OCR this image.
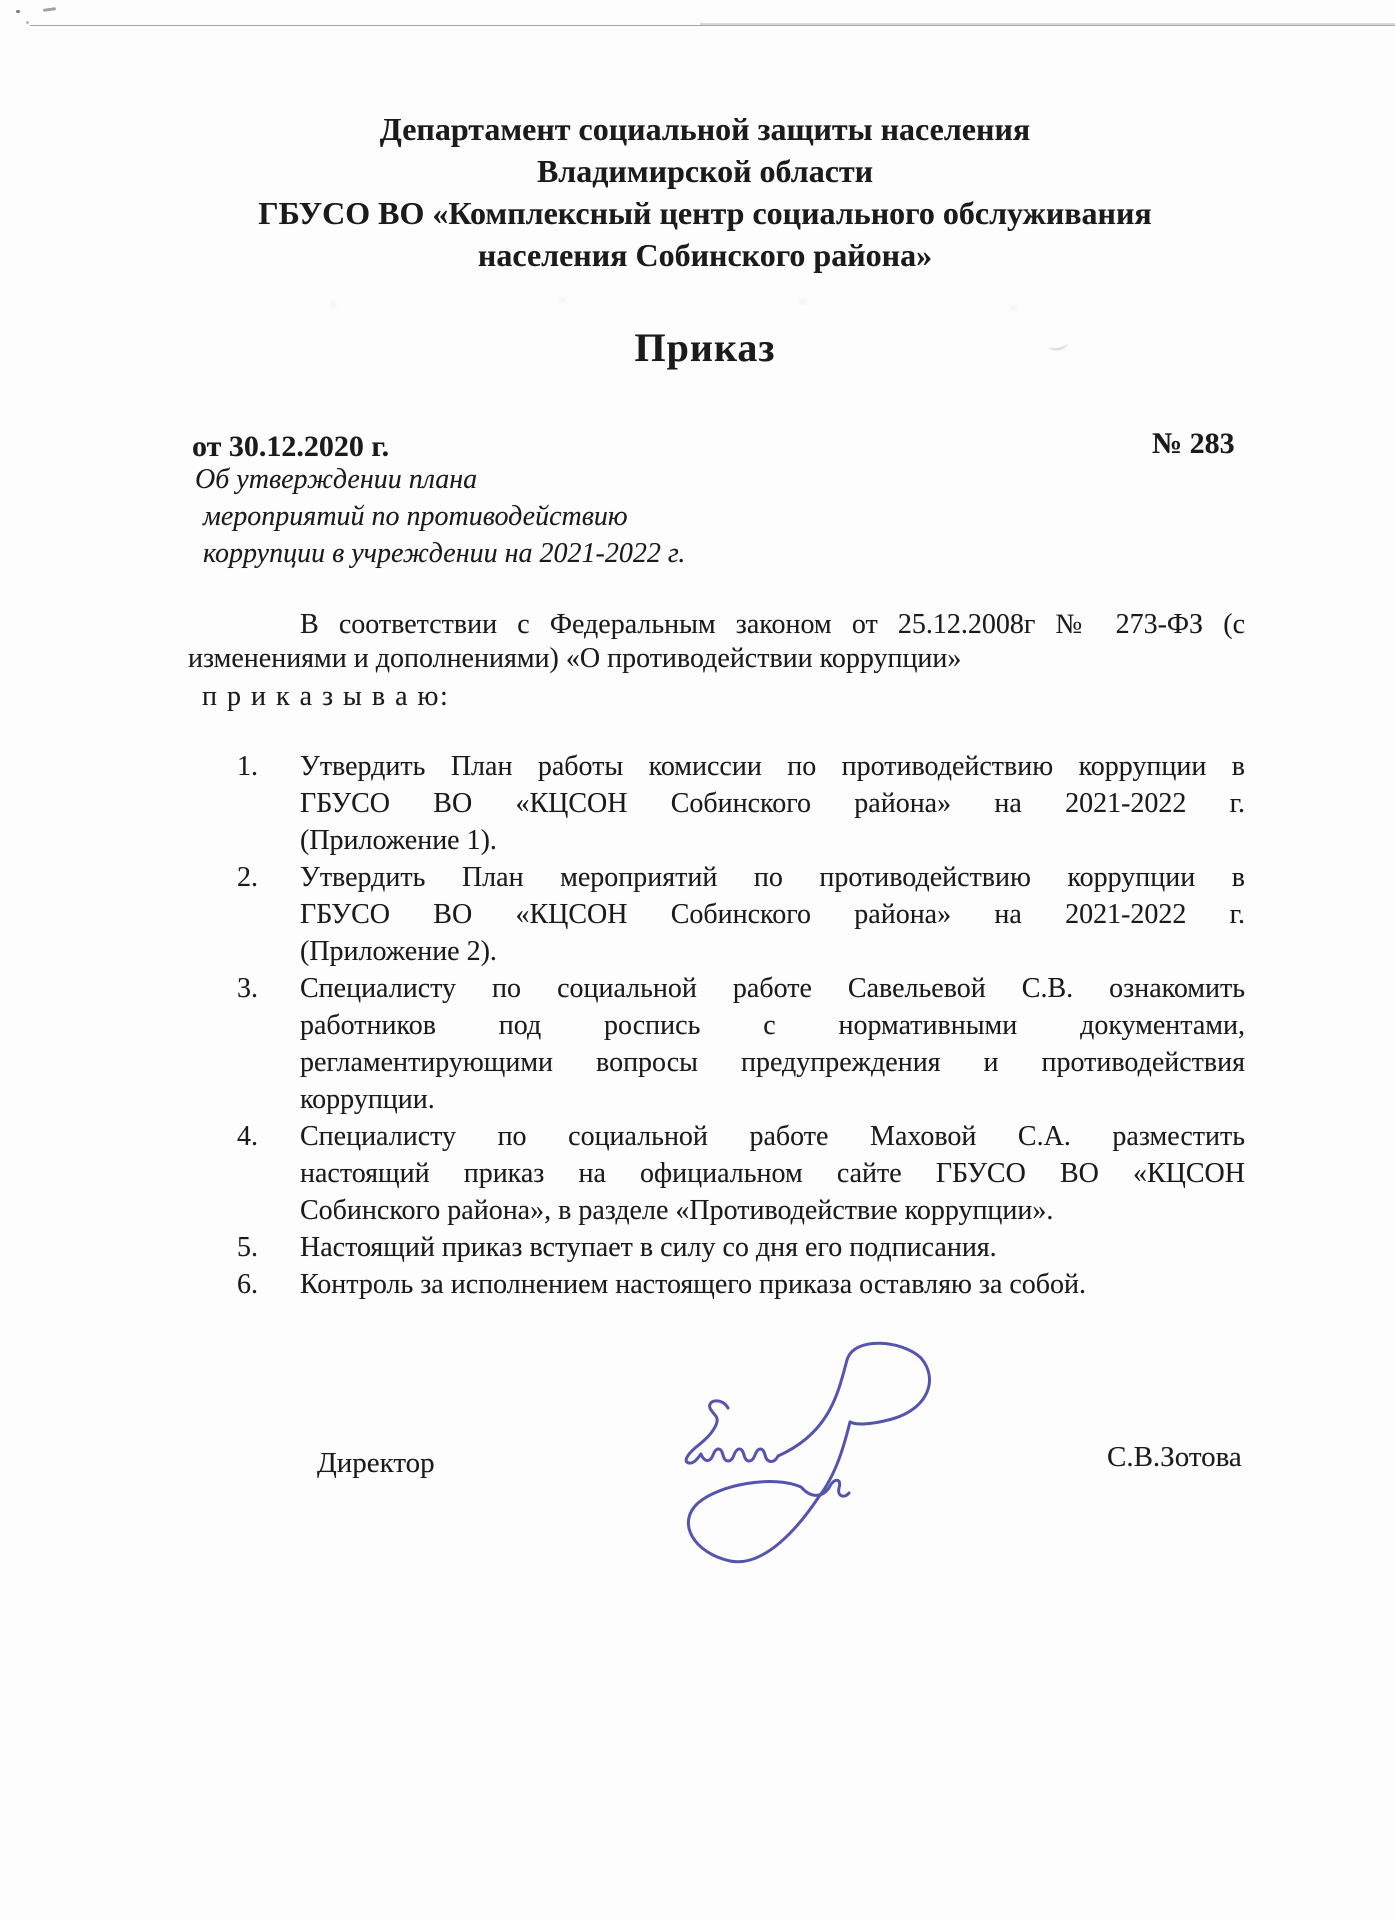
Департамент социальной защиты населения
Владимирской области
ГБУСО ВО «Комплексный центр социального обслуживания
населения Собинского района»
Приказ
от 30.12.2020 г.	№ 283
Об утверждении плана
мероприятий по противодействию
коррупции в учреждении на 2021-2022 г.
В соответствии с Федеральным законом от 25.12.2008г № 273-ФЗ (с
изменениями и дополнениями) «О противодействии коррупции»
п р и к а з ы в а ю:
1. Утвердить План работы комиссии по противодействию коррупции в
ГБУСО ВО «КЦСОН Собинского района» на 2021-2022 г.
(Приложение 1).
2. Утвердить План мероприятий по противодействию коррупции в
ГБУСО ВО «КЦСОН Собинского района» на 2021-2022 г.
(Приложение 2).
3. Специалисту по социальной работе Савельевой С.В. ознакомить
работников под роспись с нормативными документами,
регламентирующими вопросы предупреждения и противодействия
коррупции.
4. Специалисту по социальной работе Маховой С.А. разместить
настоящий приказ на официальном сайте ГБУСО ВО «КЦСОН
Собинского района», в разделе «Противодействие коррупции».
5. Настоящий приказ вступает в силу со дня его подписания.
6. Контроль за исполнением настоящего приказа оставляю за собой.
Директор	С.В.Зотова
